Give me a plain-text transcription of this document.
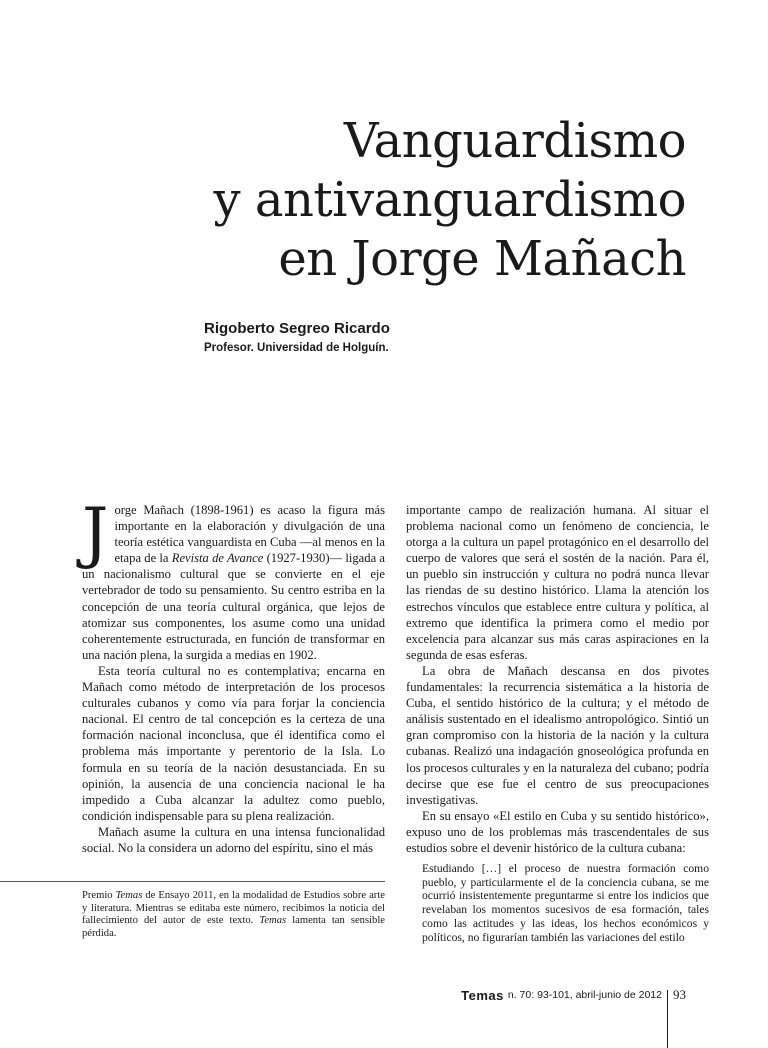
Vanguardismo
y antivanguardismo
en Jorge Mañach
Rigoberto Segreo Ricardo
Profesor. Universidad de Holguín.

Jorge Mañach (1898-1961) es acaso la figura más importante en la elaboración y divulgación de una teoría estética vanguardista en Cuba —al menos en la etapa de la Revista de Avance (1927-1930)— ligada a un nacionalismo cultural que se convierte en el eje vertebrador de todo su pensamiento. Su centro estriba en la concepción de una teoría cultural orgánica, que lejos de atomizar sus componentes, los asume como una unidad coherentemente estructurada, en función de transformar en una nación plena, la surgida a medias en 1902.

Esta teoría cultural no es contemplativa; encarna en Mañach como método de interpretación de los procesos culturales cubanos y como vía para forjar la conciencia nacional. El centro de tal concepción es la certeza de una formación nacional inconclusa, que él identifica como el problema más importante y perentorio de la Isla. Lo formula en su teoría de la nación desustanciada. En su opinión, la ausencia de una conciencia nacional le ha impedido a Cuba alcanzar la adultez como pueblo, condición indispensable para su plena realización.

Mañach asume la cultura en una intensa funcionalidad social. No la considera un adorno del espíritu, sino el más

importante campo de realización humana. Al situar el problema nacional como un fenómeno de conciencia, le otorga a la cultura un papel protagónico en el desarrollo del cuerpo de valores que será el sostén de la nación. Para él, un pueblo sin instrucción y cultura no podrá nunca llevar las riendas de su destino histórico. Llama la atención los estrechos vínculos que establece entre cultura y política, al extremo que identifica la primera como el medio por excelencia para alcanzar sus más caras aspiraciones en la segunda de esas esferas.

La obra de Mañach descansa en dos pivotes fundamentales: la recurrencia sistemática a la historia de Cuba, el sentido histórico de la cultura; y el método de análisis sustentado en el idealismo antropológico. Sintió un gran compromiso con la historia de la nación y la cultura cubanas. Realizó una indagación gnoseológica profunda en los procesos culturales y en la naturaleza del cubano; podría decirse que ese fue el centro de sus preocupaciones investigativas.

En su ensayo «El estilo en Cuba y su sentido histórico», expuso uno de los problemas más trascendentales de sus estudios sobre el devenir histórico de la cultura cubana:

Estudiando […] el proceso de nuestra formación como pueblo, y particularmente el de la conciencia cubana, se me ocurrió insistentemente preguntarme si entre los indicios que revelaban los momentos sucesivos de esa formación, tales como las actitudes y las ideas, los hechos económicos y políticos, no figurarían también las variaciones del estilo

Premio Temas de Ensayo 2011, en la modalidad de Estudios sobre arte y literatura. Mientras se editaba este número, recibimos la noticia del fallecimiento del autor de este texto. Temas lamenta tan sensible pérdida.
Temas n. 70: 93-101, abril-junio de 2012 93
